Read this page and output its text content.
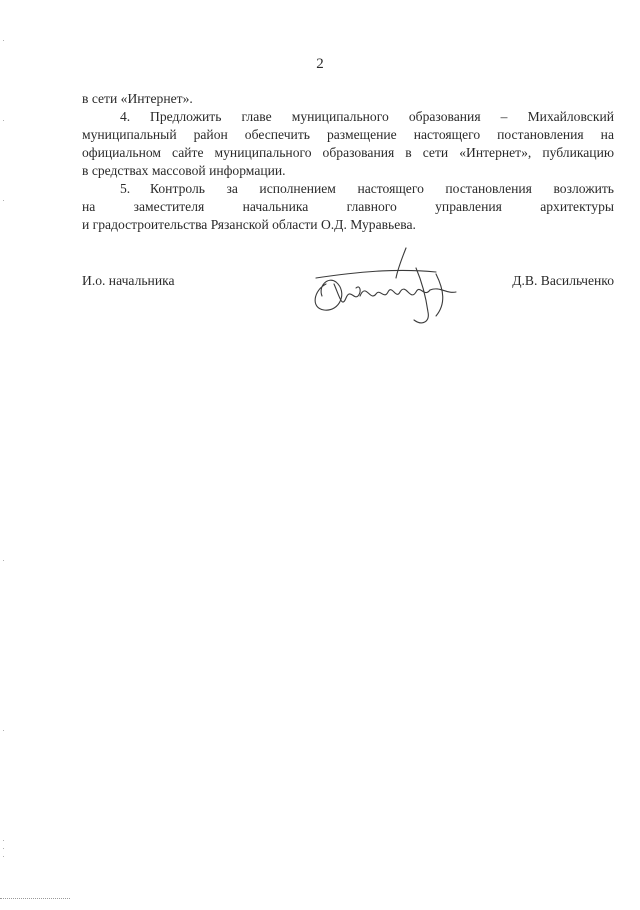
2
в сети «Интернет».
4. Предложить главе муниципального образования – Михайловский
муниципальный район обеспечить размещение настоящего постановления на
официальном сайте муниципального образования в сети «Интернет», публикацию
в средствах массовой информации.
5. Контроль за исполнением настоящего постановления возложить
на заместителя начальника главного управления архитектуры
и градостроительства Рязанской области О.Д. Муравьева.
И.о. начальника	Д.В. Васильченко
